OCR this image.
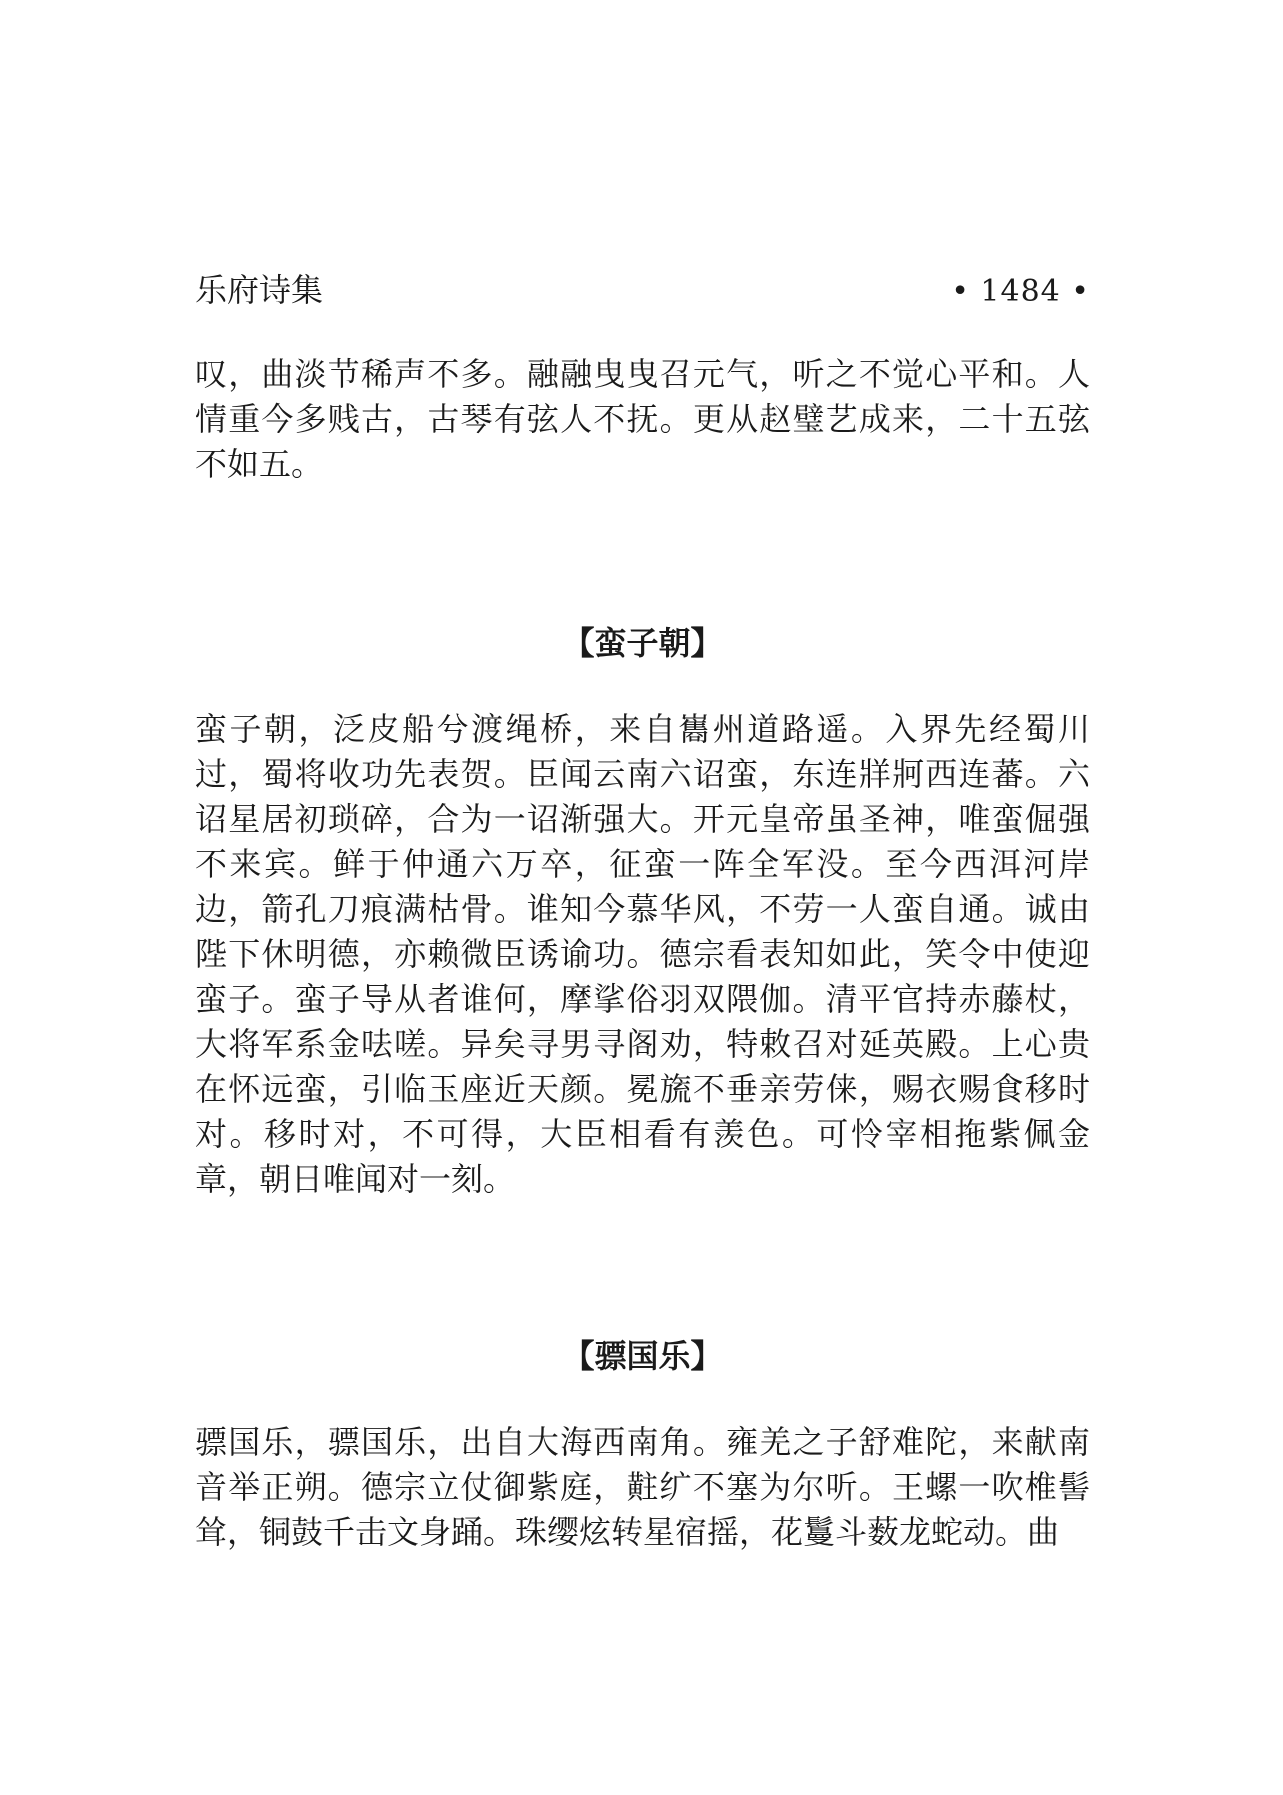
乐府诗集	• 1484 •

叹，曲淡节稀声不多。融融曳曳召元气，听之不觉心平和。人情重今多贱古，古琴有弦人不抚。更从赵璧艺成来，二十五弦不如五。

【蛮子朝】

蛮子朝，泛皮船兮渡绳桥，来自巂州道路遥。入界先经蜀川过，蜀将收功先表贺。臣闻云南六诏蛮，东连牂牁西连蕃。六诏星居初琐碎，合为一诏渐强大。开元皇帝虽圣神，唯蛮倔强不来宾。鲜于仲通六万卒，征蛮一阵全军没。至今西洱河岸边，箭孔刀痕满枯骨。谁知今慕华风，不劳一人蛮自通。诚由陛下休明德，亦赖微臣诱谕功。德宗看表知如此，笑令中使迎蛮子。蛮子导从者谁何，摩挲俗羽双隈伽。清平官持赤藤杖，大将军系金呿嗟。异矣寻男寻阁劝，特敕召对延英殿。上心贵在怀远蛮，引临玉座近天颜。冕旒不垂亲劳俫，赐衣赐食移时对。移时对，不可得，大臣相看有羡色。可怜宰相拖紫佩金章，朝日唯闻对一刻。

【骠国乐】

骠国乐，骠国乐，出自大海西南角。雍羌之子舒难陀，来献南音举正朔。德宗立仗御紫庭，黈纩不塞为尔听。王螺一吹椎髻耸，铜鼓千击文身踊。珠缨炫转星宿摇，花鬘斗薮龙蛇动。曲
